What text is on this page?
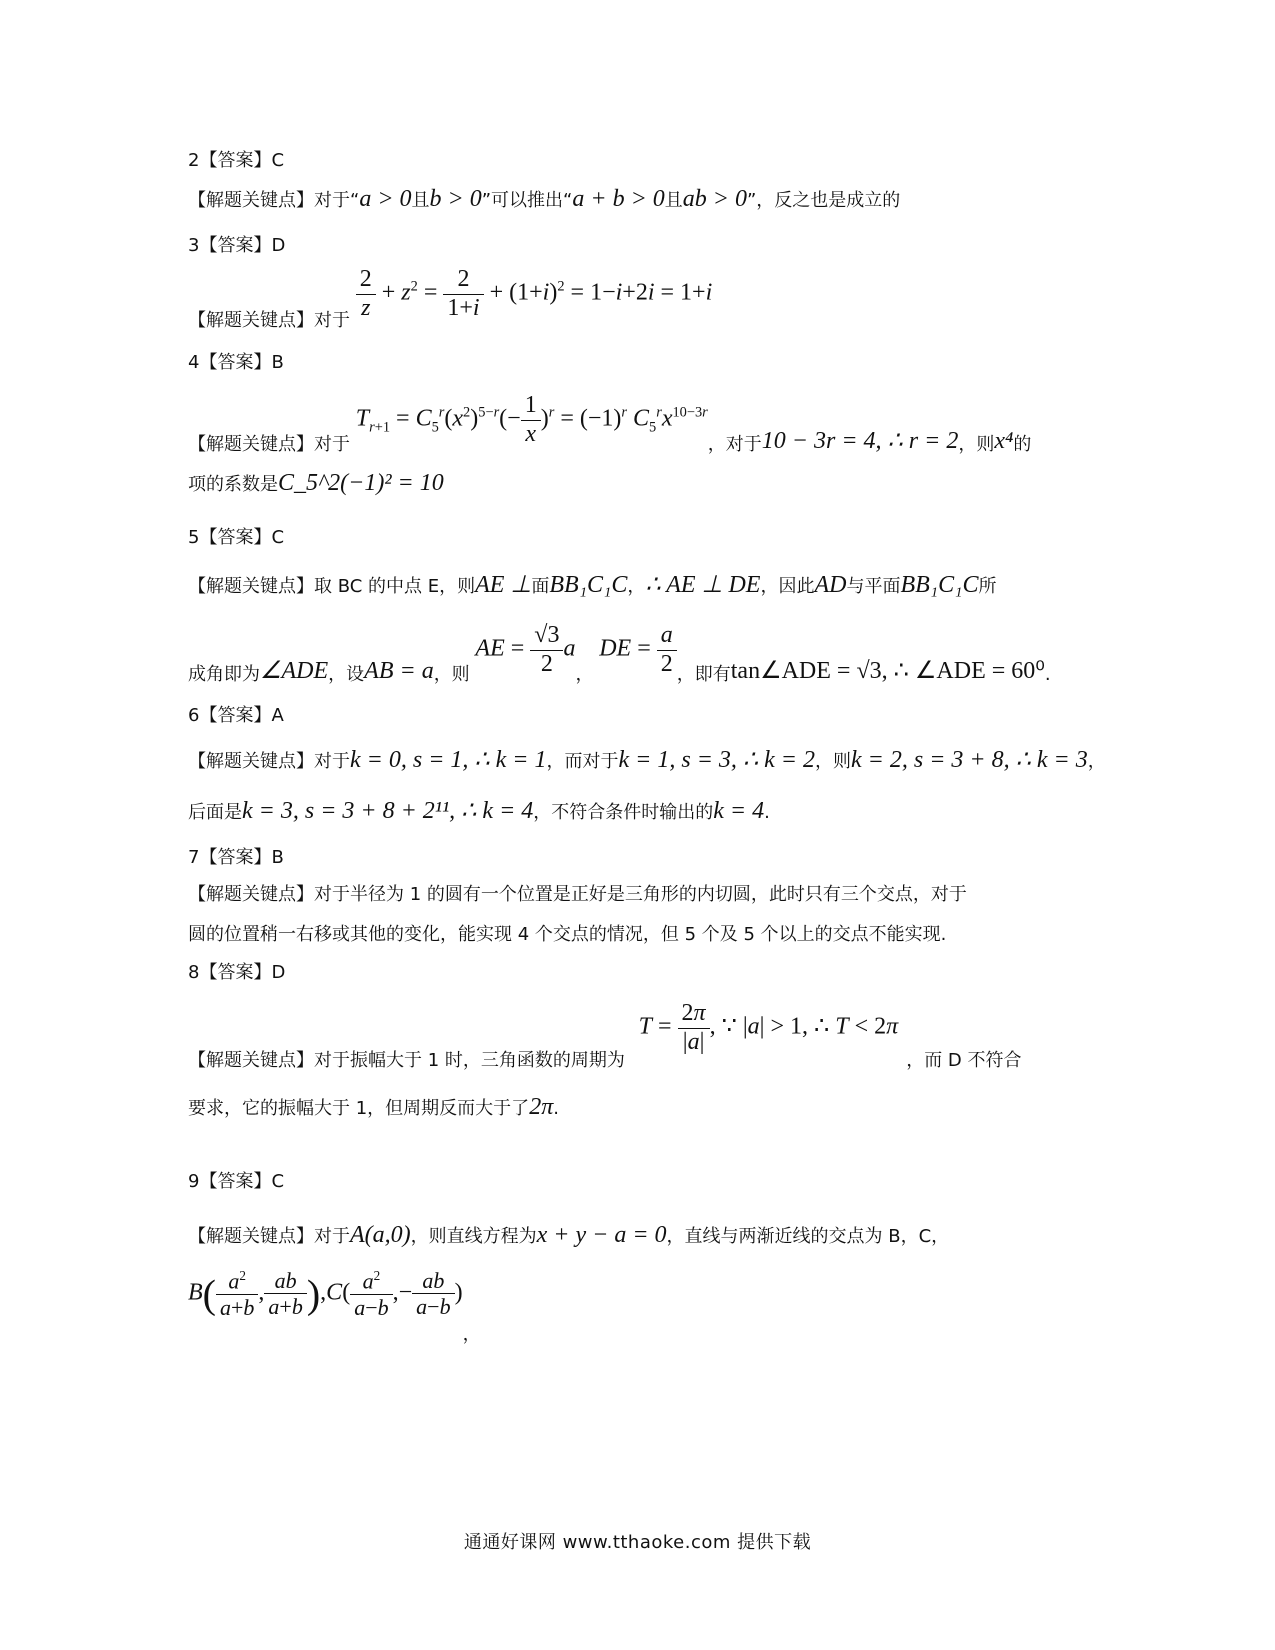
2【答案】C
【解题关键点】对于“a > 0且b > 0”可以推出“a + b > 0且ab > 0”，反之也是成立的
3【答案】D
【解题关键点】对于 $\frac{2}{z} + z^2 = \frac{2}{1+i} + (1+i)^2 = 1-i+2i = 1+i$
4【答案】B
【解题关键点】对于 $T_{r+1} = C_5^r(x^2)^{5-r}(- \frac{1}{x} )^r = (-1)^r$ $C_5^rx^{10-3r}$，对于10 − 3r = 4, ∴ r = 2，则x⁴的
项的系数是C_5^2(−1)² = 10
5【答案】C
【解题关键点】取 BC 的中点 E，则AE ⊥面BB₁C₁C，∴ AE ⊥ DE，因此AD与平面BB₁C₁C所
成角即为∠ADE，设AB = a，则 AE = $\frac{√3}{2}$ a， DE = $\frac{a}{2}$ ，即有tan∠ADE = √3, ∴ ∠ADE = 60⁰.
6【答案】A
【解题关键点】对于k = 0, s = 1, ∴ k = 1，而对于k = 1, s = 3, ∴ k = 2，则k = 2, s = 3 + 8, ∴ k = 3，
后面是k = 3, s = 3 + 8 + 2¹¹, ∴ k = 4，不符合条件时输出的k = 4.
7【答案】B
【解题关键点】对于半径为 1 的圆有一个位置是正好是三角形的内切圆，此时只有三个交点，对于
圆的位置稍一右移或其他的变化，能实现 4 个交点的情况，但 5 个及 5 个以上的交点不能实现.
8【答案】D
【解题关键点】对于振幅大于 1 时，三角函数的周期为 $T = \frac{2\pi}{|a|}$ , ∵ |a| > 1, ∴ T < 2π，而 D 不符合
要求，它的振幅大于 1，但周期反而大于了2π.
9【答案】C
【解题关键点】对于A(a,0)，则直线方程为x + y − a = 0，直线与两渐近线的交点为 B，C，
$B( \frac{a^2}{a+b}$ , $\frac{ab}{a+b} ),C( \frac{a^2}{a-b}$ ,− $\frac{ab}{a-b}$ )，
通通好课网 www.tthaoke.com 提供下载
